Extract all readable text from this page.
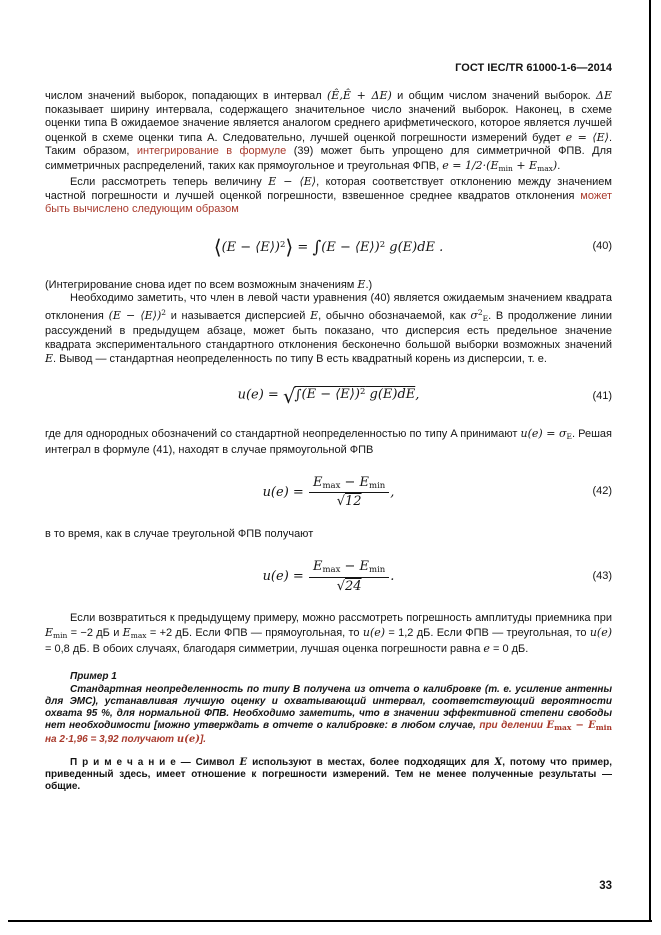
ГОСТ IEC/TR 61000-1-6—2014

числом значений выборок, попадающих в интервал (Ê,Ê + ΔE) и общим числом значений выборок. ΔE показывает ширину интервала, содержащего значительное число значений выборок. Наконец, в схеме оценки типа B ожидаемое значение является аналогом среднего арифметического, которое является лучшей оценкой в схеме оценки типа A. Следовательно, лучшей оценкой погрешности измерений будет e = ⟨E⟩. Таким образом, интегрирование в формуле (39) может быть упрощено для симметричной ФПВ. Для симметричных распределений, таких как прямоугольное и треугольная ФПВ, $e = 1/2\cdot(E_{min} + E_{max})$.

Если рассмотреть теперь величину E − ⟨E⟩, которая соответствует отклонению между значением частной погрешности и лучшей оценкой погрешности, взвешенное среднее квадратов отклонения может быть вычислено следующим образом

⟨(E − ⟨E⟩)$^2$⟩ = ∫(E − ⟨E⟩)$^2$ g(E)dE .	(40)

(Интегрирование снова идет по всем возможным значениям E.)

Необходимо заметить, что член в левой части уравнения (40) является ожидаемым значением квадрата отклонения (E − ⟨E⟩)$^2$ и называется дисперсией E, обычно обозначаемой, как $\sigma^2_E$. В продолжение линии рассуждений в предыдущем абзаце, может быть показано, что дисперсия есть предельное значение квадрата экспериментального стандартного отклонения бесконечно большой выборки возможных значений E. Вывод — стандартная неопределенность по типу B есть квадратный корень из дисперсии, т. е.

u(e) = √∫(E − ⟨E⟩)$^2$ g(E)dE,	(41)

где для однородных обозначений со стандартной неопределенностью по типу A принимают $u(e) = \sigma_E$. Решая интеграл в формуле (41), находят в случае прямоугольной ФПВ

$u(e) = \frac{E_{max} - E_{min}}{√12}$ ,	(42)

в то время, как в случае треугольной ФПВ получают

$u(e) = \frac{E_{max} - E_{min}}{√24}$ .	(43)

Если возвратиться к предыдущему примеру, можно рассмотреть погрешность амплитуды приемника при $E_{min} = -2$ дБ и $E_{max} = +2$ дБ. Если ФПВ — прямоугольная, то u(e) = 1,2 дБ. Если ФПВ — треугольная, то u(e) = 0,8 дБ. В обоих случаях, благодаря симметрии, лучшая оценка погрешности равна e = 0 дБ.

Пример 1
Стандартная неопределенность по типу B получена из отчета о калибровке (т. е. усиление антенны для ЭМС), устанавливая лучшую оценку и охватывающий интервал, соответствующий вероятности охвата 95 %, для нормальной ФПВ. Необходимо заметить, что в значении эффективной степени свободы нет необходимости [можно утверждать в отчете о калибровке: в любом случае, при делении $E_{max} - E_{min}$ на 2·1,96 = 3,92 получают u(e)].

П р и м е ч а н и е — Символ E используют в местах, более подходящих для X, потому что пример, приведенный здесь, имеет отношение к погрешности измерений. Тем не менее полученные результаты — общие.

33
